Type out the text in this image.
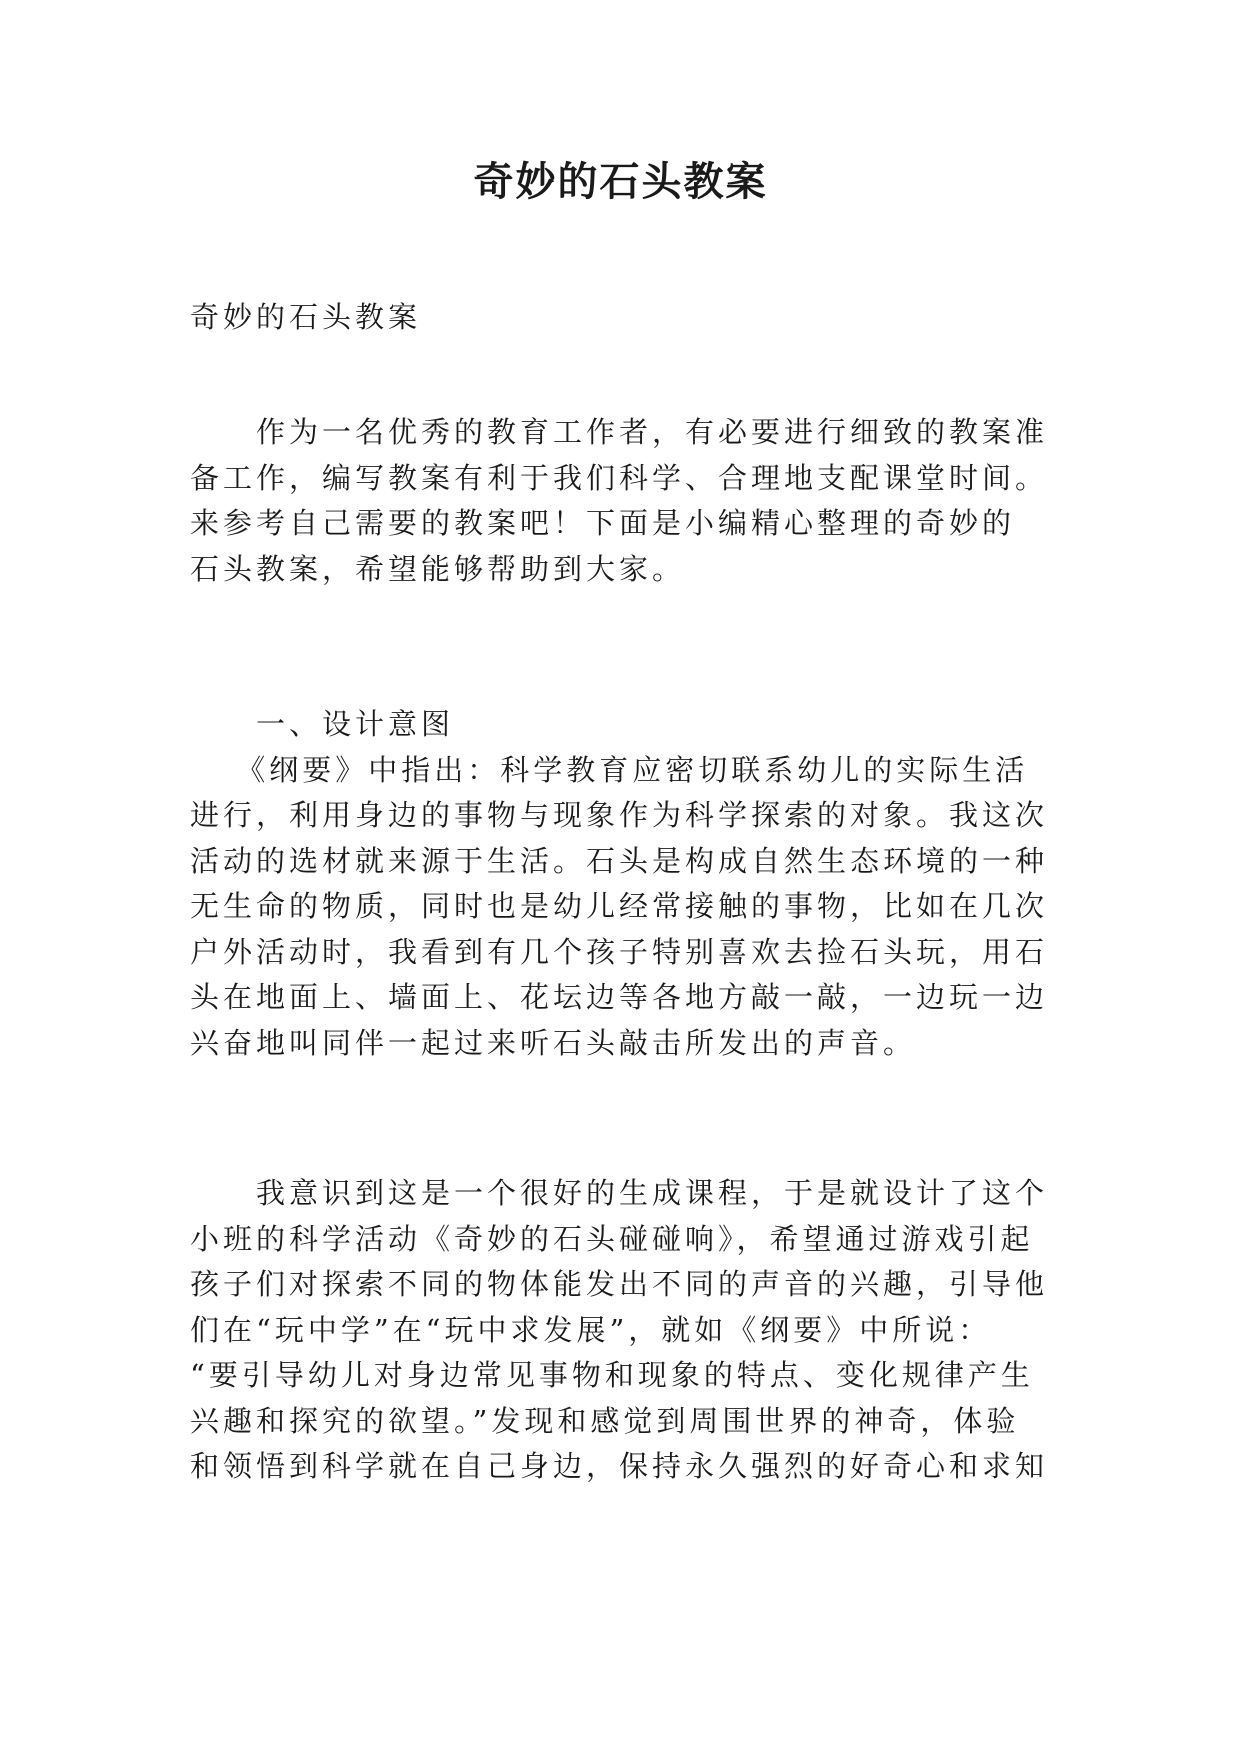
奇妙的石头教案
奇妙的石头教案
　　作为一名优秀的教育工作者，有必要进行细致的教案准
备工作，编写教案有利于我们科学、合理地支配课堂时间。
来参考自己需要的教案吧！下面是小编精心整理的奇妙的
石头教案，希望能够帮助到大家。
　　一、设计意图
　 《纲要》中指出：科学教育应密切联系幼儿的实际生活
进行，利用身边的事物与现象作为科学探索的对象。我这次
活动的选材就来源于生活。石头是构成自然生态环境的一种
无生命的物质，同时也是幼儿经常接触的事物，比如在几次
户外活动时，我看到有几个孩子特别喜欢去捡石头玩，用石
头在地面上、墙面上、花坛边等各地方敲一敲，一边玩一边
兴奋地叫同伴一起过来听石头敲击所发出的声音。
　　我意识到这是一个很好的生成课程，于是就设计了这个
小班的科学活动《奇妙的石头碰碰响》，希望通过游戏引起
孩子们对探索不同的物体能发出不同的声音的兴趣，引导他
们在“玩中学”在“玩中求发展”，就如《纲要》中所说：
“要引导幼儿对身边常见事物和现象的特点、变化规律产生
兴趣和探究的欲望。”发现和感觉到周围世界的神奇，体验
和领悟到科学就在自己身边，保持永久强烈的好奇心和求知
